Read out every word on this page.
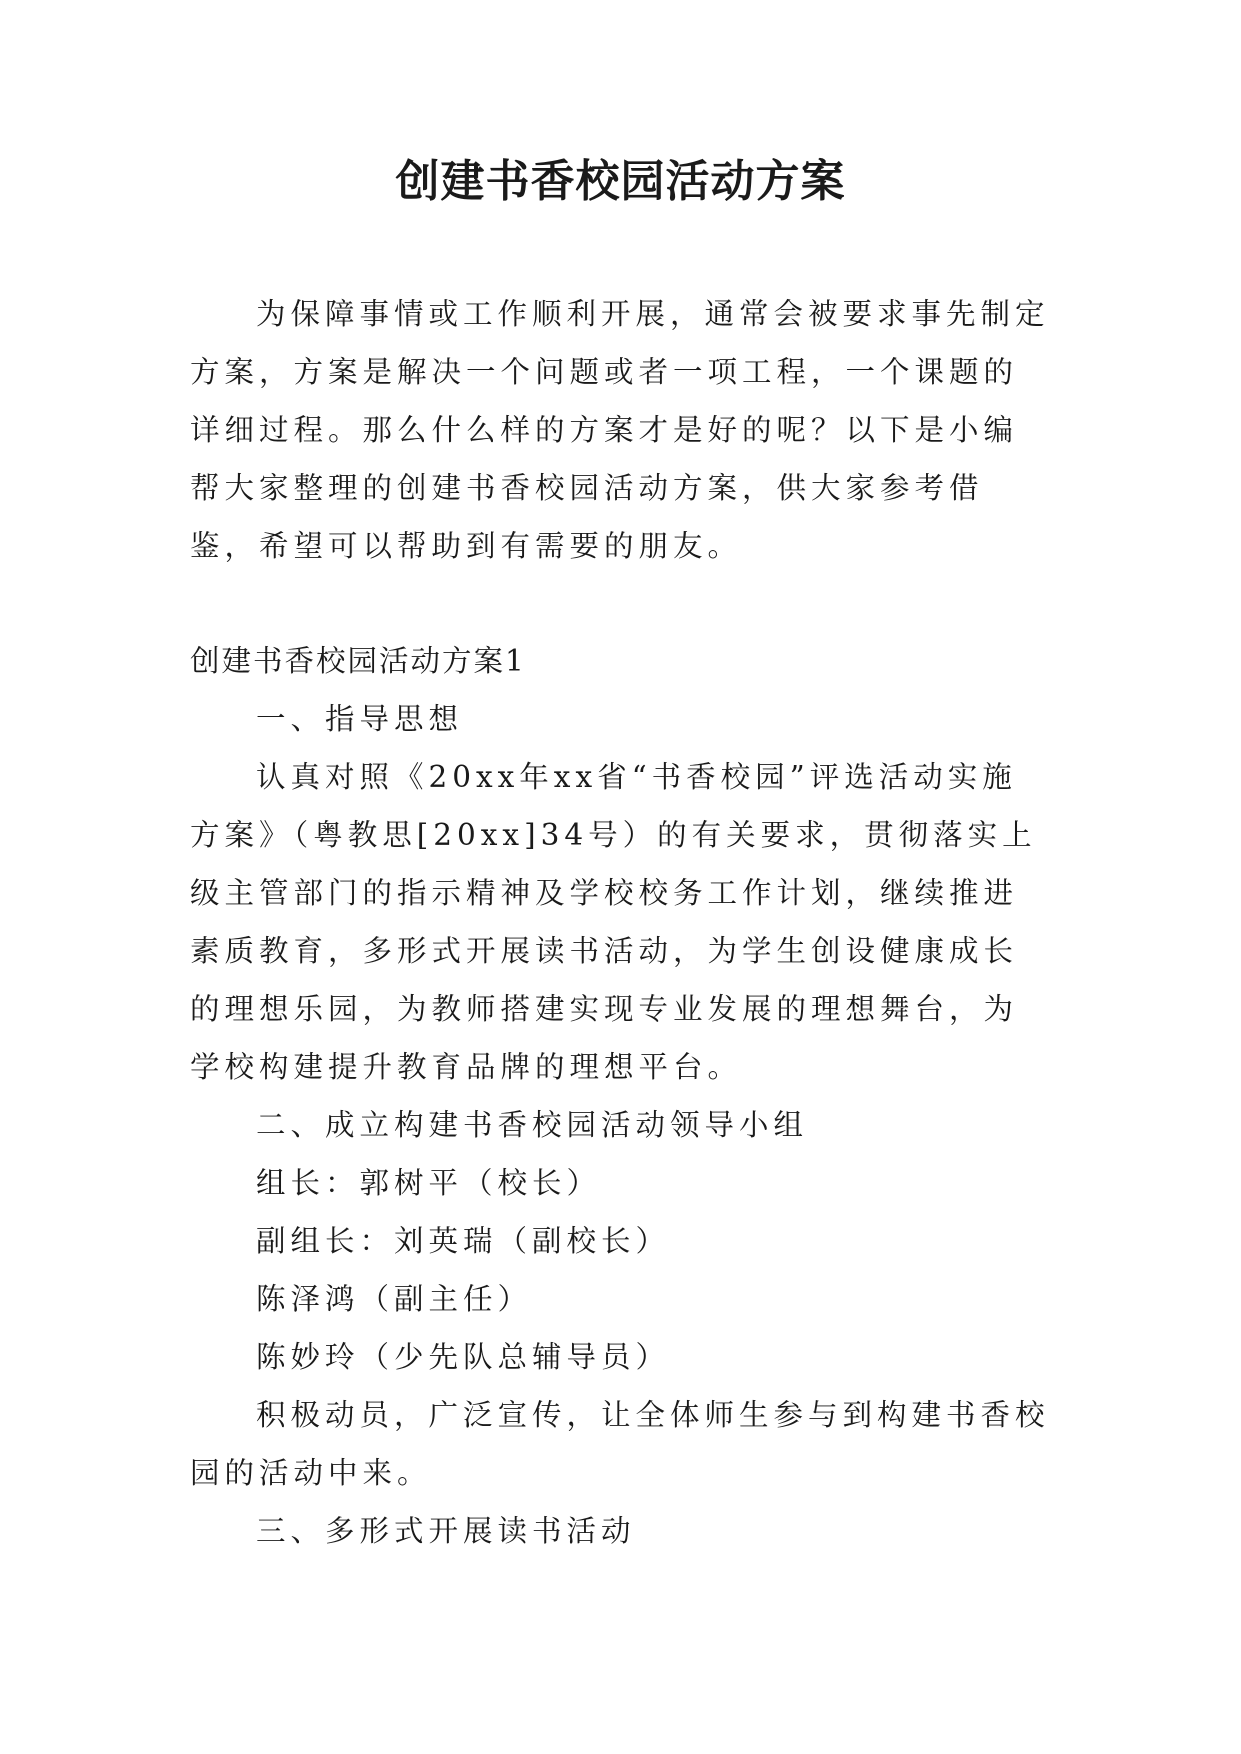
创建书香校园活动方案

为保障事情或工作顺利开展，通常会被要求事先制定方案，方案是解决一个问题或者一项工程，一个课题的详细过程。那么什么样的方案才是好的呢？以下是小编帮大家整理的创建书香校园活动方案，供大家参考借鉴，希望可以帮助到有需要的朋友。

创建书香校园活动方案1

一、指导思想

认真对照《20xx年xx省“书香校园”评选活动实施方案》（粤教思[20xx]34号）的有关要求，贯彻落实上级主管部门的指示精神及学校校务工作计划，继续推进素质教育，多形式开展读书活动，为学生创设健康成长的理想乐园，为教师搭建实现专业发展的理想舞台，为学校构建提升教育品牌的理想平台。

二、成立构建书香校园活动领导小组

组长：郭树平（校长）

副组长：刘英瑞（副校长）

陈泽鸿（副主任）

陈妙玲（少先队总辅导员）

积极动员，广泛宣传，让全体师生参与到构建书香校园的活动中来。

三、多形式开展读书活动
